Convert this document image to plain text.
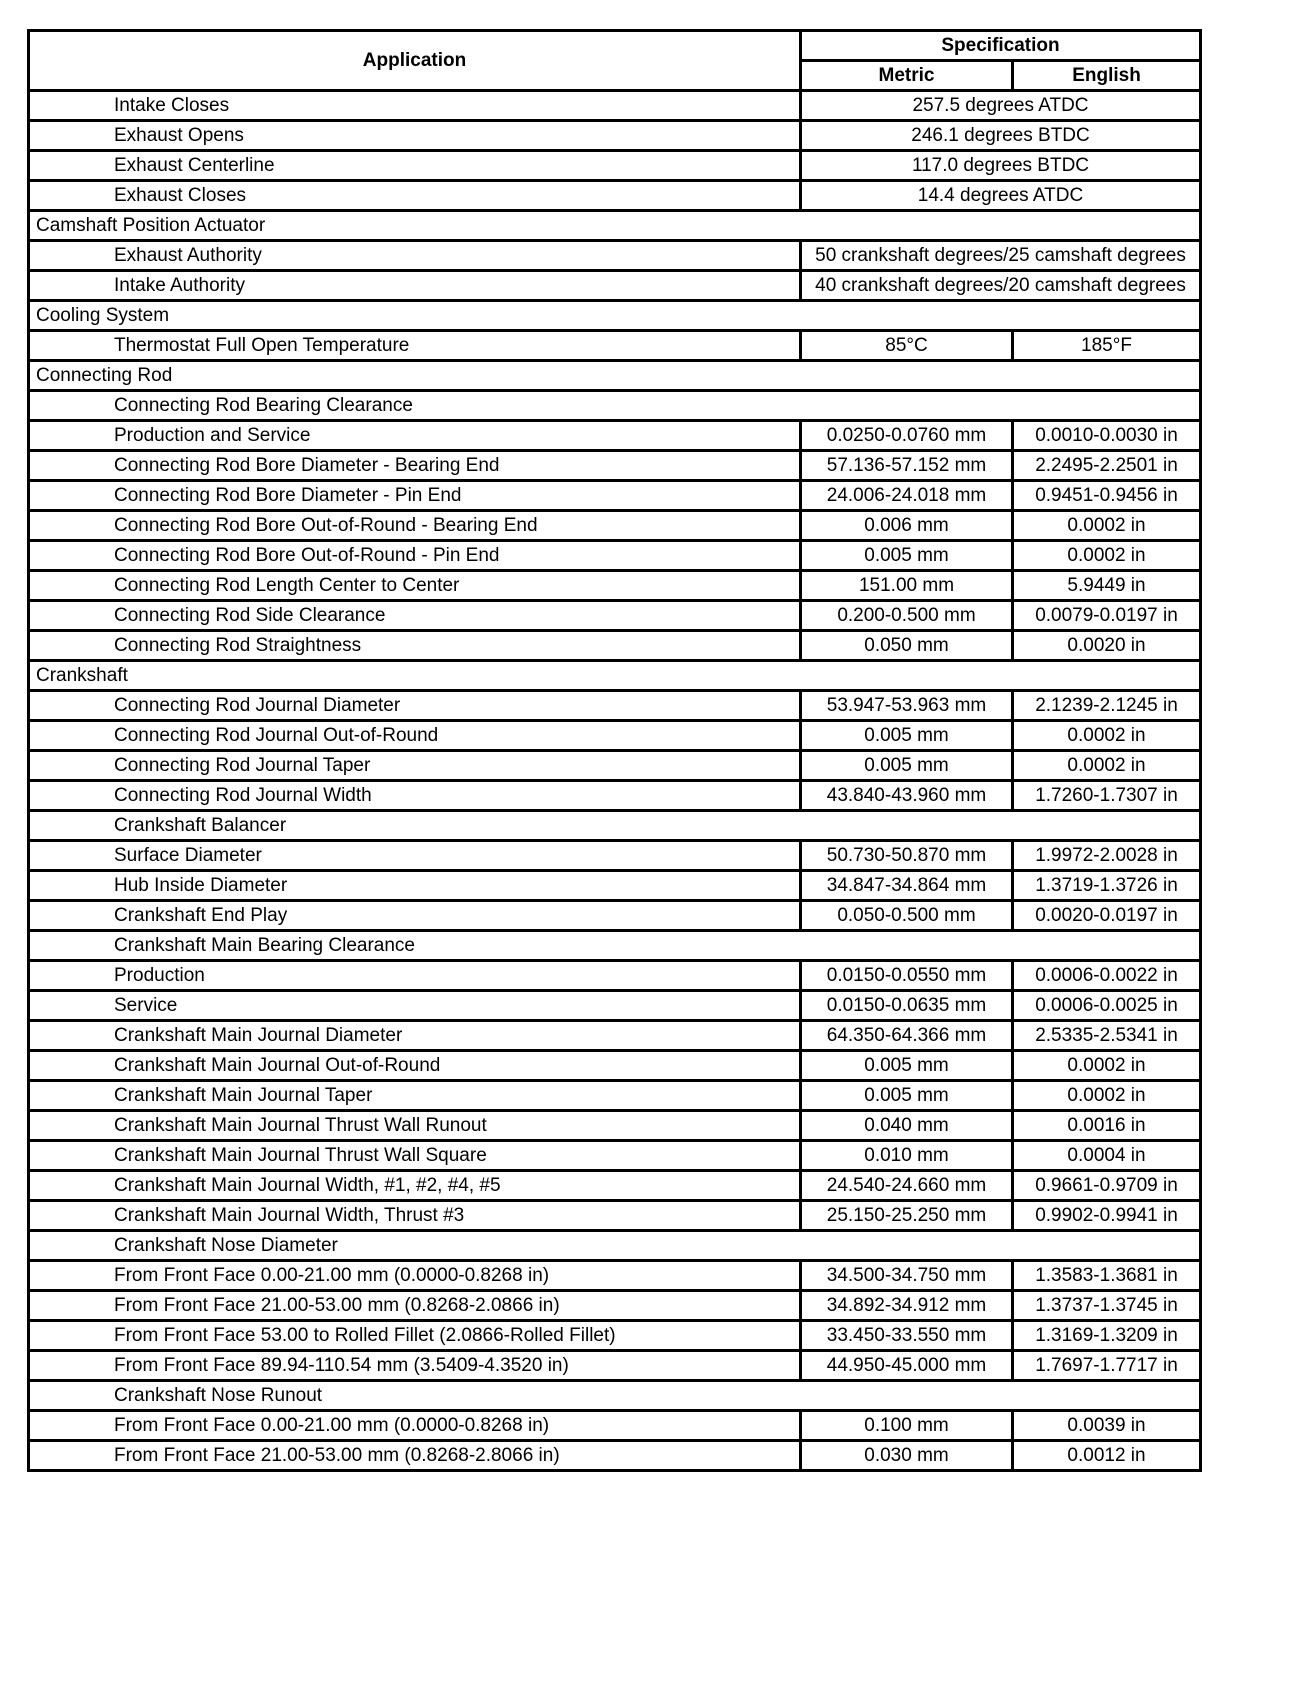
Application	Specification	
	Metric	English
Intake Closes	257.5 degrees ATDC	
Exhaust Opens	246.1 degrees BTDC	
Exhaust Centerline	117.0 degrees BTDC	
Exhaust Closes	14.4 degrees ATDC	
Camshaft Position Actuator		
Exhaust Authority	50 crankshaft degrees/25 camshaft degrees	
Intake Authority	40 crankshaft degrees/20 camshaft degrees	
Cooling System		
Thermostat Full Open Temperature	85°C	185°F
Connecting Rod		
Connecting Rod Bearing Clearance		
Production and Service	0.0250-0.0760 mm	0.0010-0.0030 in
Connecting Rod Bore Diameter - Bearing End	57.136-57.152 mm	2.2495-2.2501 in
Connecting Rod Bore Diameter - Pin End	24.006-24.018 mm	0.9451-0.9456 in
Connecting Rod Bore Out-of-Round - Bearing End	0.006 mm	0.0002 in
Connecting Rod Bore Out-of-Round - Pin End	0.005 mm	0.0002 in
Connecting Rod Length Center to Center	151.00 mm	5.9449 in
Connecting Rod Side Clearance	0.200-0.500 mm	0.0079-0.0197 in
Connecting Rod Straightness	0.050 mm	0.0020 in
Crankshaft		
Connecting Rod Journal Diameter	53.947-53.963 mm	2.1239-2.1245 in
Connecting Rod Journal Out-of-Round	0.005 mm	0.0002 in
Connecting Rod Journal Taper	0.005 mm	0.0002 in
Connecting Rod Journal Width	43.840-43.960 mm	1.7260-1.7307 in
Crankshaft Balancer		
Surface Diameter	50.730-50.870 mm	1.9972-2.0028 in
Hub Inside Diameter	34.847-34.864 mm	1.3719-1.3726 in
Crankshaft End Play	0.050-0.500 mm	0.0020-0.0197 in
Crankshaft Main Bearing Clearance		
Production	0.0150-0.0550 mm	0.0006-0.0022 in
Service	0.0150-0.0635 mm	0.0006-0.0025 in
Crankshaft Main Journal Diameter	64.350-64.366 mm	2.5335-2.5341 in
Crankshaft Main Journal Out-of-Round	0.005 mm	0.0002 in
Crankshaft Main Journal Taper	0.005 mm	0.0002 in
Crankshaft Main Journal Thrust Wall Runout	0.040 mm	0.0016 in
Crankshaft Main Journal Thrust Wall Square	0.010 mm	0.0004 in
Crankshaft Main Journal Width, #1, #2, #4, #5	24.540-24.660 mm	0.9661-0.9709 in
Crankshaft Main Journal Width, Thrust #3	25.150-25.250 mm	0.9902-0.9941 in
Crankshaft Nose Diameter		
From Front Face 0.00-21.00 mm (0.0000-0.8268 in)	34.500-34.750 mm	1.3583-1.3681 in
From Front Face 21.00-53.00 mm (0.8268-2.0866 in)	34.892-34.912 mm	1.3737-1.3745 in
From Front Face 53.00 to Rolled Fillet (2.0866-Rolled Fillet)	33.450-33.550 mm	1.3169-1.3209 in
From Front Face 89.94-110.54 mm (3.5409-4.3520 in)	44.950-45.000 mm	1.7697-1.7717 in
Crankshaft Nose Runout		
From Front Face 0.00-21.00 mm (0.0000-0.8268 in)	0.100 mm	0.0039 in
From Front Face 21.00-53.00 mm (0.8268-2.8066 in)	0.030 mm	0.0012 in
